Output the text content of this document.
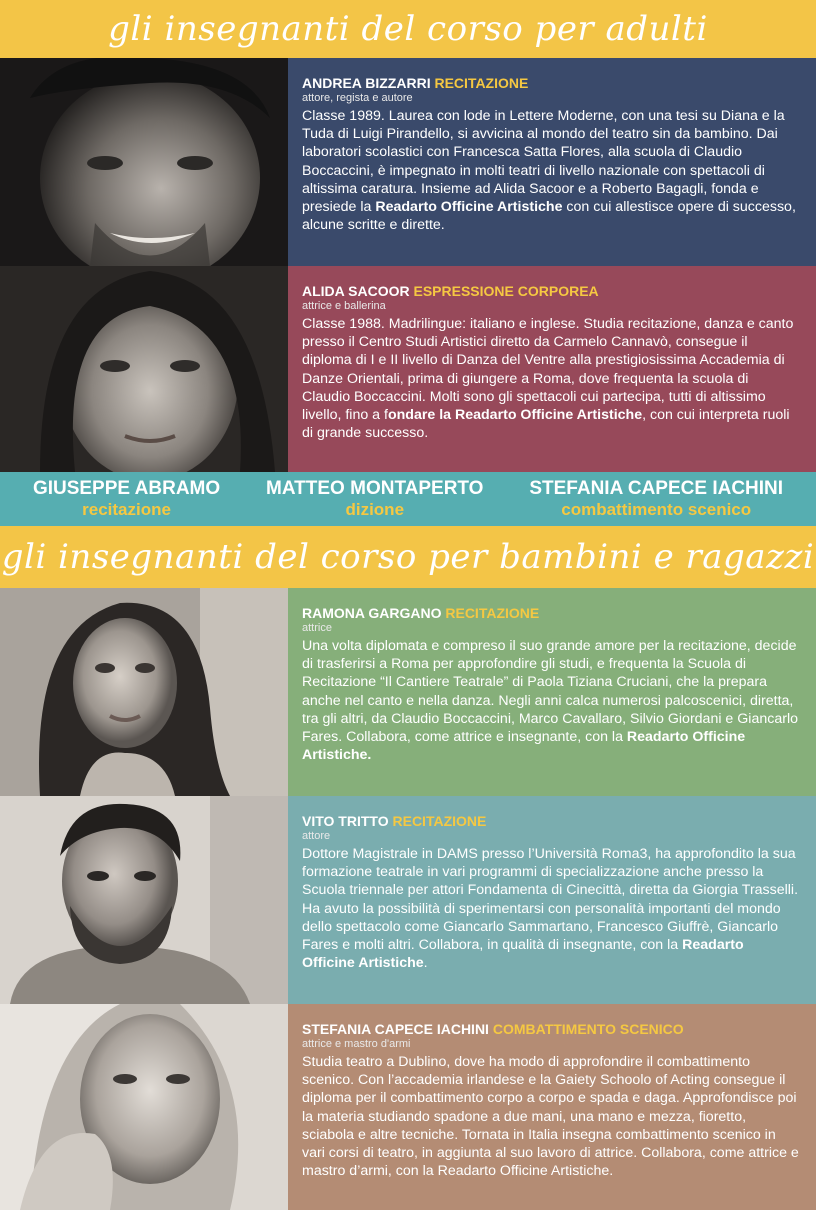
gli insegnanti del corso per adulti
ANDREA BIZZARRI RECITAZIONE
attore, regista e autore
Classe 1989. Laurea con lode in Lettere Moderne, con una tesi su Diana e la Tuda di Luigi Pirandello, si avvicina al mondo del teatro sin da bambino. Dai laboratori scolastici con Francesca Satta Flores, alla scuola di Claudio Boccaccini, è impegnato in molti teatri di livello nazionale con spettacoli di altissima caratura. Insieme ad Alida Sacoor e a Roberto Bagagli, fonda e presiede la Readarto Officine Artistiche con cui allestisce opere di successo, alcune scritte e dirette.
ALIDA SACOOR ESPRESSIONE CORPOREA
attrice e ballerina
Classe 1988. Madrilingue: italiano e inglese. Studia recitazione, danza e canto presso il Centro Studi Artistici diretto da Carmelo Cannavò, consegue il diploma di I e II livello di Danza del Ventre alla prestigiosissima Accademia di Danze Orientali, prima di giungere a Roma, dove frequenta la scuola di Claudio Boccaccini. Molti sono gli spettacoli cui partecipa, tutti di altissimo livello, fino a fondare la Readarto Officine Artistiche, con cui interpreta ruoli di grande successo.
GIUSEPPE ABRAMO
recitazione
MATTEO MONTAPERTO
dizione
STEFANIA CAPECE IACHINI
combattimento scenico
gli insegnanti del corso per bambini e ragazzi
RAMONA GARGANO RECITAZIONE
attrice
Una volta diplomata e compreso il suo grande amore per la recitazione, decide di trasferirsi a Roma per approfondire gli studi, e frequenta la Scuola di Recitazione “Il Cantiere Teatrale” di Paola Tiziana Cruciani, che la prepara anche nel canto e nella danza. Negli anni calca numerosi palcoscenici, diretta, tra gli altri, da Claudio Boccaccini, Marco Cavallaro, Silvio Giordani e Giancarlo Fares. Collabora, come attrice e insegnante, con la Readarto Officine Artistiche.
VITO TRITTO RECITAZIONE
attore
Dottore Magistrale in DAMS presso l’Università Roma3, ha approfondito la sua formazione teatrale in vari programmi di specializzazione anche presso la Scuola triennale per attori Fondamenta di Cinecittà, diretta da Giorgia Trasselli. Ha avuto la possibilità di sperimentarsi con personalità importanti del mondo dello spettacolo come Giancarlo Sammartano, Francesco Giuffrè, Giancarlo Fares e molti altri. Collabora, in qualità di insegnante, con la Readarto Officine Artistiche.
STEFANIA CAPECE IACHINI COMBATTIMENTO SCENICO
attrice e mastro d'armi
Studia teatro a Dublino, dove ha modo di approfondire il combattimento scenico. Con l’accademia irlandese e la Gaiety Schoolo of Acting consegue il diploma per il combattimento corpo a corpo e spada e daga. Approfondisce poi la materia studiando spadone a due mani, una mano e mezza, fioretto, sciabola e altre tecniche. Tornata in Italia insegna combattimento scenico in vari corsi di teatro, in aggiunta al suo lavoro di attrice. Collabora, come attrice e mastro d’armi, con la Readarto Officine Artistiche.
